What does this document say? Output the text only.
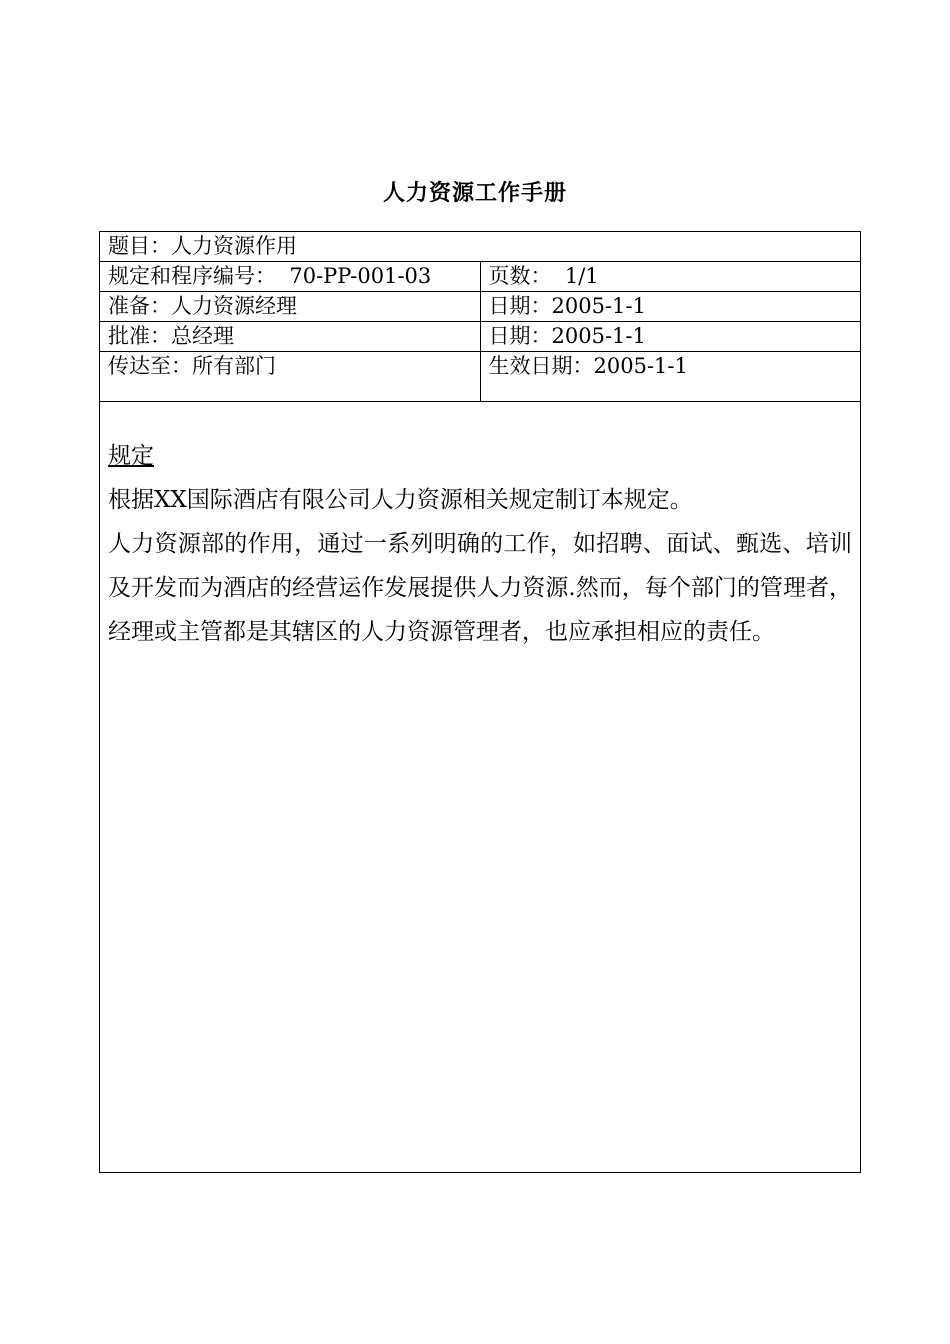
人力资源工作手册
题目：人力资源作用	
规定和程序编号：  70-PP-001-03	页数：  1/1
准备：人力资源经理	日期：2005-1-1
批准：总经理	日期：2005-1-1
传达至：所有部门	生效日期：2005-1-1

规定

根据XX国际酒店有限公司人力资源相关规定制订本规定。

人力资源部的作用，通过一系列明确的工作，如招聘、面试、甄选、培训及开发而为酒店的经营运作发展提供人力资源.然而，每个部门的管理者，经理或主管都是其辖区的人力资源管理者，也应承担相应的责任。	
